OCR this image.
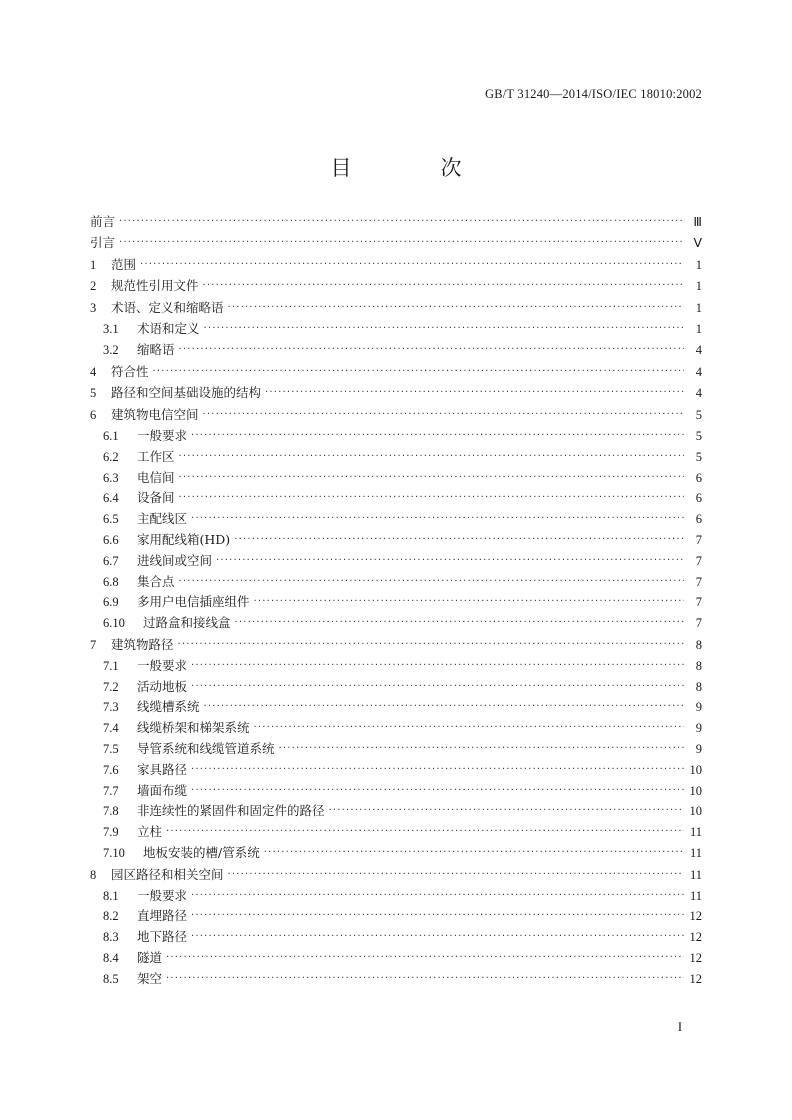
GB/T 31240—2014/ISO/IEC 18010:2002
目　次
前言 ·····	Ⅲ
引言 ·····	Ⅴ
1	范围 ·····	1
2	规范性引用文件 ·····	1
3	术语、定义和缩略语 ·····	1
3.1	术语和定义 ·····	1
3.2	缩略语 ·····	4
4	符合性 ·····	4
5	路径和空间基础设施的结构 ·····	4
6	建筑物电信空间 ·····	5
6.1	一般要求 ·····	5
6.2	工作区 ·····	5
6.3	电信间 ·····	6
6.4	设备间 ·····	6
6.5	主配线区 ·····	6
6.6	家用配线箱(HD) ·····	7
6.7	进线间或空间 ·····	7
6.8	集合点 ·····	7
6.9	多用户电信插座组件 ·····	7
6.10	过路盒和接线盒 ·····	7
7	建筑物路径 ·····	8
7.1	一般要求 ·····	8
7.2	活动地板 ·····	8
7.3	线缆槽系统 ·····	9
7.4	线缆桥架和梯架系统 ·····	9
7.5	导管系统和线缆管道系统 ·····	9
7.6	家具路径 ·····	10
7.7	墙面布缆 ·····	10
7.8	非连续性的紧固件和固定件的路径 ·····	10
7.9	立柱 ·····	11
7.10	地板安装的槽/管系统 ·····	11
8	园区路径和相关空间 ·····	11
8.1	一般要求 ·····	11
8.2	直埋路径 ·····	12
8.3	地下路径 ·····	12
8.4	隧道 ·····	12
8.5	架空 ·····	12
I
